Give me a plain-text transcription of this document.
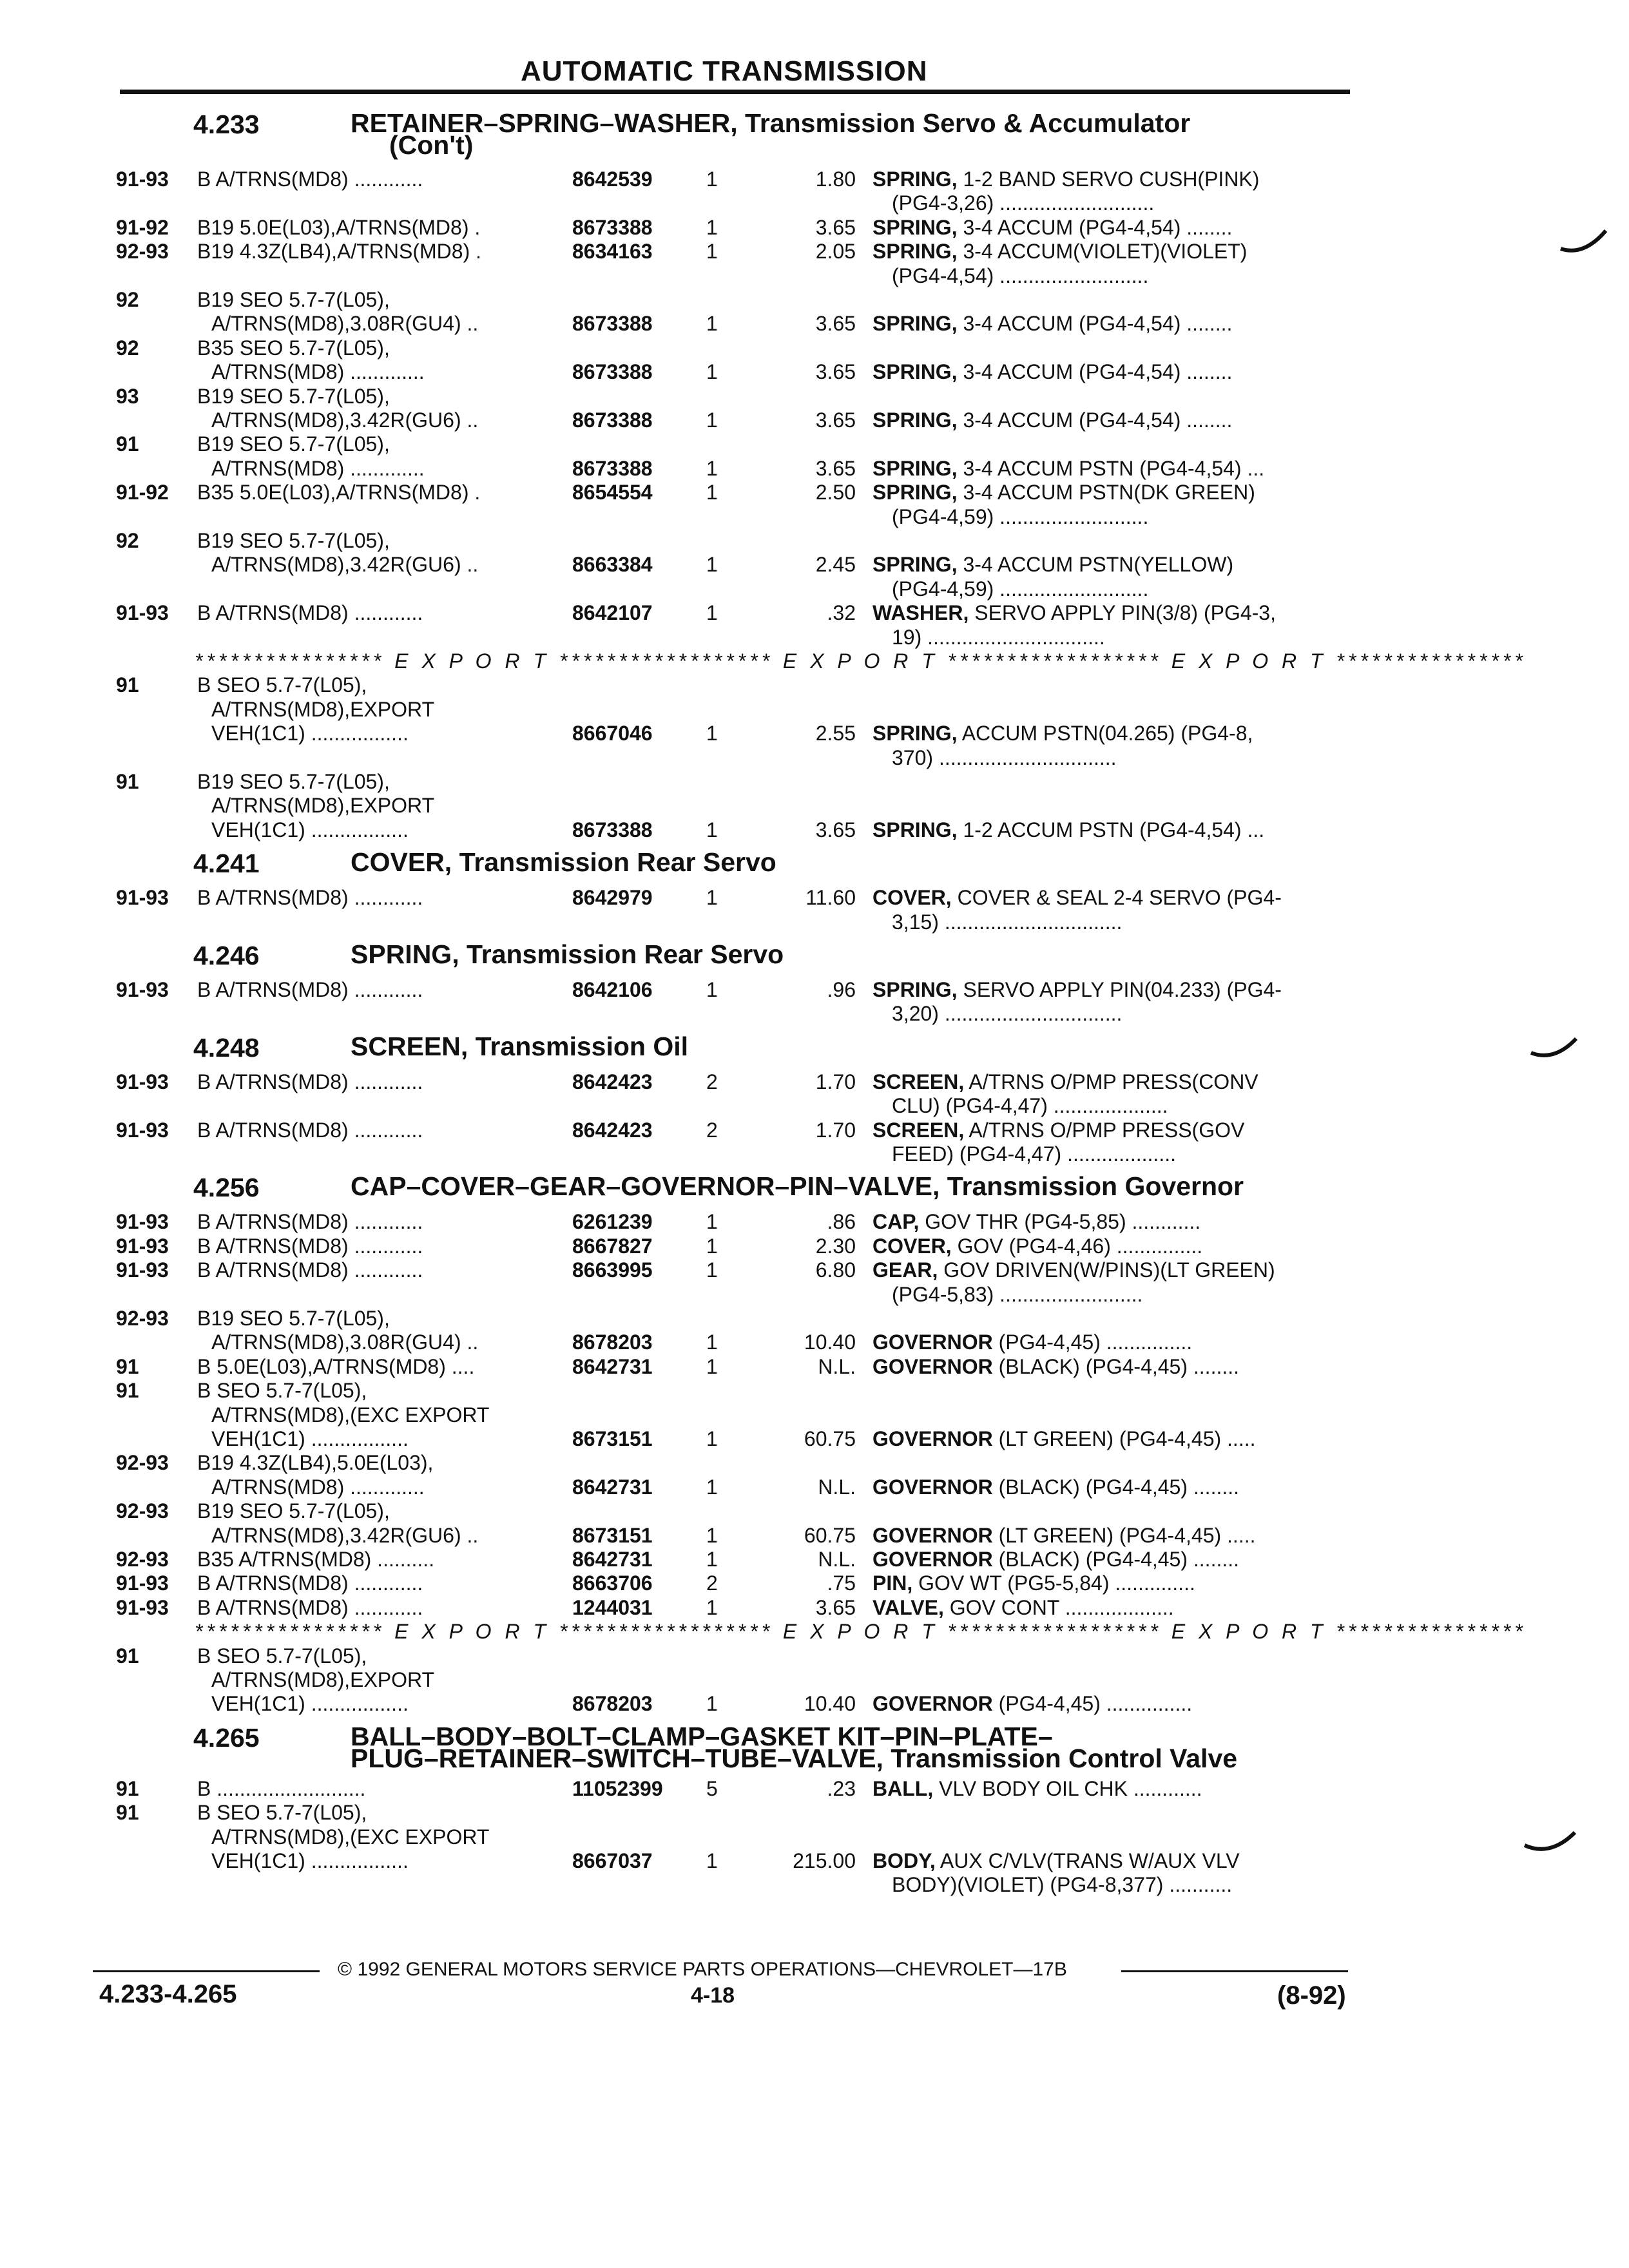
AUTOMATIC TRANSMISSION
4.233	RETAINER–SPRING–WASHER, Transmission Servo & Accumulator
(Con't)
91-93 B A/TRNS(MD8) ............	8642539	1	1.80 SPRING, 1-2 BAND SERVO CUSH(PINK)
(PG4-3,26) ...........................
91-92 B19 5.0E(L03),A/TRNS(MD8) .	8673388	1	3.65 SPRING, 3-4 ACCUM (PG4-4,54) ........
92-93 B19 4.3Z(LB4),A/TRNS(MD8) .	8634163	1	2.05 SPRING, 3-4 ACCUM(VIOLET)(VIOLET)
(PG4-4,54) ..........................
92	B19 SEO 5.7-7(L05),
A/TRNS(MD8),3.08R(GU4) ..	8673388	1	3.65 SPRING, 3-4 ACCUM (PG4-4,54) ........
92	B35 SEO 5.7-7(L05),
A/TRNS(MD8) .............	8673388	1	3.65 SPRING, 3-4 ACCUM (PG4-4,54) ........
93	B19 SEO 5.7-7(L05),
A/TRNS(MD8),3.42R(GU6) ..	8673388	1	3.65 SPRING, 3-4 ACCUM (PG4-4,54) ........
91	B19 SEO 5.7-7(L05),
A/TRNS(MD8) .............	8673388	1	3.65 SPRING, 3-4 ACCUM PSTN (PG4-4,54) ...
91-92 B35 5.0E(L03),A/TRNS(MD8) .	8654554	1	2.50 SPRING, 3-4 ACCUM PSTN(DK GREEN)
(PG4-4,59) ..........................
92	B19 SEO 5.7-7(L05),
A/TRNS(MD8),3.42R(GU6) ..	8663384	1	2.45 SPRING, 3-4 ACCUM PSTN(YELLOW)
(PG4-4,59) ..........................
91-93 B A/TRNS(MD8) ............	8642107	1	.32 WASHER, SERVO APPLY PIN(3/8) (PG4-3,
19) ...............................
**************** E X P O R T ****************** E X P O R T ****************** E X P O R T ****************
91	B SEO 5.7-7(L05),
A/TRNS(MD8),EXPORT
VEH(1C1) .................	8667046	1	2.55 SPRING, ACCUM PSTN(04.265) (PG4-8,
370) ...............................
91	B19 SEO 5.7-7(L05),
A/TRNS(MD8),EXPORT
VEH(1C1) .................	8673388	1	3.65 SPRING, 1-2 ACCUM PSTN (PG4-4,54) ...
4.241	COVER, Transmission Rear Servo
91-93 B A/TRNS(MD8) ............	8642979	1	11.60 COVER, COVER & SEAL 2-4 SERVO (PG4-
3,15) ...............................
4.246	SPRING, Transmission Rear Servo
91-93 B A/TRNS(MD8) ............	8642106	1	.96 SPRING, SERVO APPLY PIN(04.233) (PG4-
3,20) ...............................
4.248	SCREEN, Transmission Oil
91-93 B A/TRNS(MD8) ............	8642423	2	1.70 SCREEN, A/TRNS O/PMP PRESS(CONV
CLU) (PG4-4,47) ....................
91-93 B A/TRNS(MD8) ............	8642423	2	1.70 SCREEN, A/TRNS O/PMP PRESS(GOV
FEED) (PG4-4,47) ...................
4.256	CAP–COVER–GEAR–GOVERNOR–PIN–VALVE, Transmission Governor
91-93 B A/TRNS(MD8) ............	6261239	1	.86 CAP, GOV THR (PG4-5,85) ............
91-93 B A/TRNS(MD8) ............	8667827	1	2.30 COVER, GOV (PG4-4,46) ...............
91-93 B A/TRNS(MD8) ............	8663995	1	6.80 GEAR, GOV DRIVEN(W/PINS)(LT GREEN)
(PG4-5,83) .........................
92-93 B19 SEO 5.7-7(L05),
A/TRNS(MD8),3.08R(GU4) ..	8678203	1	10.40 GOVERNOR (PG4-4,45) ...............
91	B 5.0E(L03),A/TRNS(MD8) ....	8642731	1	N.L. GOVERNOR (BLACK) (PG4-4,45) ........
91	B SEO 5.7-7(L05),
A/TRNS(MD8),(EXC EXPORT
VEH(1C1) .................	8673151	1	60.75 GOVERNOR (LT GREEN) (PG4-4,45) .....
92-93 B19 4.3Z(LB4),5.0E(L03),
A/TRNS(MD8) .............	8642731	1	N.L. GOVERNOR (BLACK) (PG4-4,45) ........
92-93 B19 SEO 5.7-7(L05),
A/TRNS(MD8),3.42R(GU6) ..	8673151	1	60.75 GOVERNOR (LT GREEN) (PG4-4,45) .....
92-93 B35 A/TRNS(MD8) ..........	8642731	1	N.L. GOVERNOR (BLACK) (PG4-4,45) ........
91-93 B A/TRNS(MD8) ............	8663706	2	.75 PIN, GOV WT (PG5-5,84) ..............
91-93 B A/TRNS(MD8) ............	1244031	1	3.65 VALVE, GOV CONT ...................
**************** E X P O R T ****************** E X P O R T ****************** E X P O R T ****************
91	B SEO 5.7-7(L05),
A/TRNS(MD8),EXPORT
VEH(1C1) .................	8678203	1	10.40 GOVERNOR (PG4-4,45) ...............
4.265	BALL–BODY–BOLT–CLAMP–GASKET KIT–PIN–PLATE–
PLUG–RETAINER–SWITCH–TUBE–VALVE, Transmission Control Valve
91	B ..........................	11052399 5	.23 BALL, VLV BODY OIL CHK ............
91	B SEO 5.7-7(L05),
A/TRNS(MD8),(EXC EXPORT
VEH(1C1) .................	8667037	1	215.00 BODY, AUX C/VLV(TRANS W/AUX VLV
BODY)(VIOLET) (PG4-8,377) ...........
© 1992 GENERAL MOTORS SERVICE PARTS OPERATIONS—CHEVROLET—17B
4.233-4.265	4-18	(8-92)
